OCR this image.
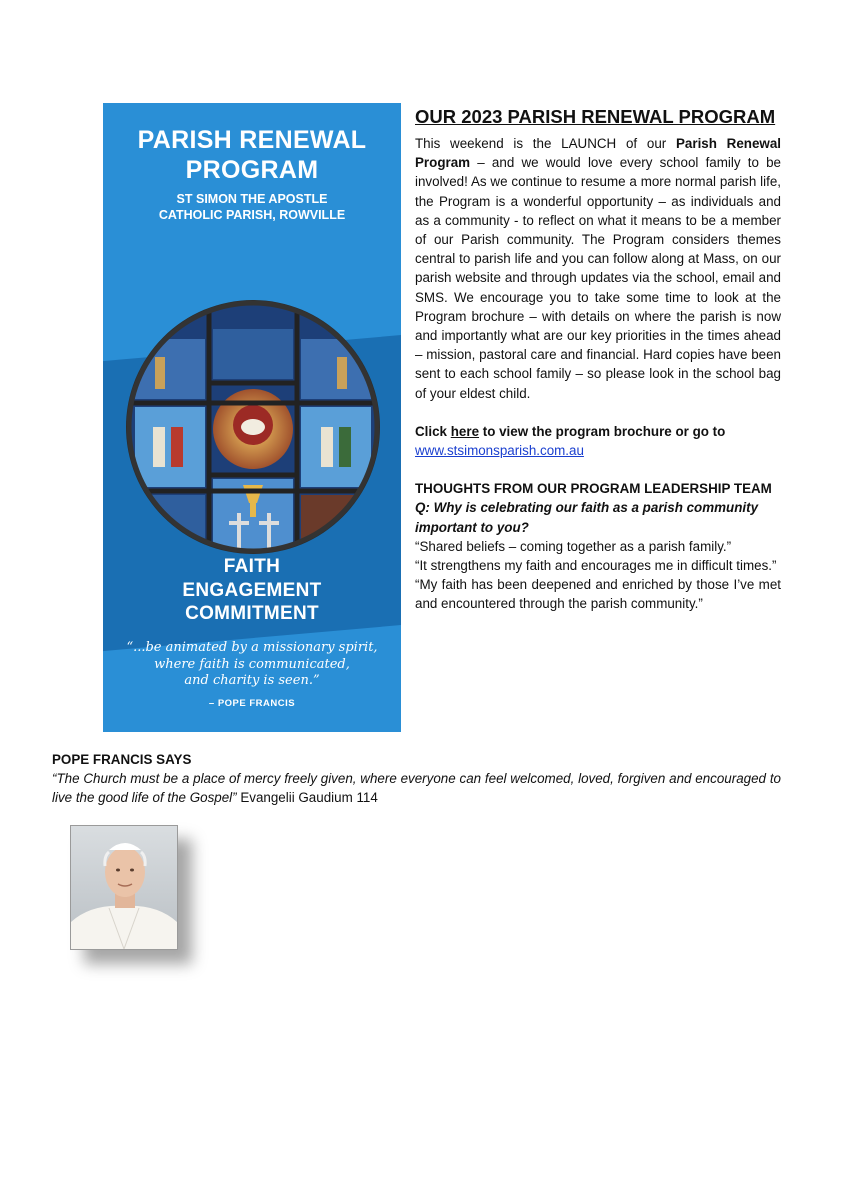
PARISH RENEWAL
PROGRAM
ST SIMON THE APOSTLE
CATHOLIC PARISH, ROWVILLE
FAITH
ENGAGEMENT
COMMITMENT
“...be animated by a missionary spirit,
where faith is communicated,
and charity is seen.”
– POPE FRANCIS
OUR 2023 PARISH RENEWAL PROGRAM

This weekend is the LAUNCH of our Parish Renewal Program – and we would love every school family to be involved! As we continue to resume a more normal parish life, the Program is a wonderful opportunity – as individuals and as a community - to reflect on what it means to be a member of our Parish community. The Program considers themes central to parish life and you can follow along at Mass, on our parish website and through updates via the school, email and SMS. We encourage you to take some time to look at the Program brochure – with details on where the parish is now and importantly what are our key priorities in the times ahead – mission, pastoral care and financial. Hard copies have been sent to each school family – so please look in the school bag of your eldest child.

Click here to view the program brochure or go to
www.stsimonsparish.com.au

THOUGHTS FROM OUR PROGRAM LEADERSHIP TEAM

Q: Why is celebrating our faith as a parish community important to you?

“Shared beliefs – coming together as a parish family.”

“It strengthens my faith and encourages me in difficult times.”

“My faith has been deepened and enriched by those I’ve met and encountered through the parish community.”

POPE FRANCIS SAYS

“The Church must be a place of mercy freely given, where everyone can feel welcomed, loved, forgiven and encouraged to live the good life of the Gospel” Evangelii Gaudium 114
